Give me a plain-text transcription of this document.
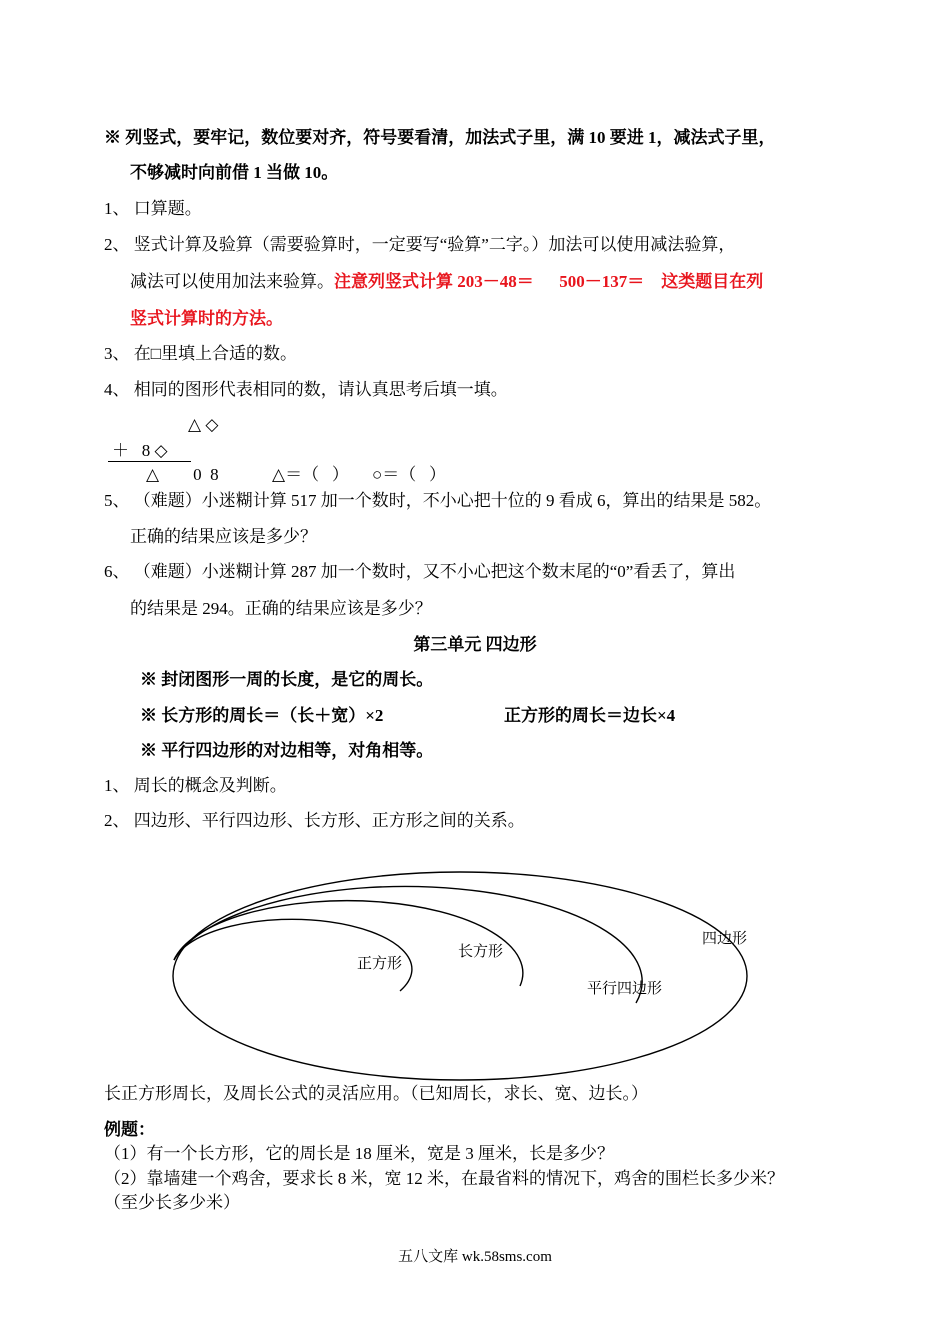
※ 列竖式，要牢记，数位要对齐，符号要看清，加法式子里，满 10 要进 1，减法式子里，
不够减时向前借 1 当做 10。
1、 口算题。
2、 竖式计算及验算（需要验算时，一定要写“验算”二字。）加法可以使用减法验算，
减法可以使用加法来验算。注意列竖式计算 203－48＝      500－137＝    这类题目在列
竖式计算时的方法。
3、 在□里填上合适的数。
4、 相同的图形代表相同的数，请认真思考后填一填。
△ ◇
＋   8 ◇
△        0  8	△＝（   ） ○＝（   ）
5、 （难题）小迷糊计算 517 加一个数时，不小心把十位的 9 看成 6，算出的结果是 582。
正确的结果应该是多少？
6、 （难题）小迷糊计算 287 加一个数时，又不小心把这个数末尾的“0”看丢了，算出
的结果是 294。正确的结果应该是多少？
第三单元 四边形
※ 封闭图形一周的长度，是它的周长。
※ 长方形的周长＝（长＋宽）×2	正方形的周长＝边长×4
※ 平行四边形的对边相等，对角相等。
1、 周长的概念及判断。
2、 四边形、平行四边形、长方形、正方形之间的关系。
正方形
长方形
平行四边形
四边形
长正方形周长，及周长公式的灵活应用。（已知周长，求长、宽、边长。）
例题：
（1）有一个长方形，它的周长是 18 厘米，宽是 3 厘米，长是多少？
（2）靠墙建一个鸡舍，要求长 8 米，宽 12 米，在最省料的情况下，鸡舍的围栏长多少米？
（至少长多少米）
五八文库 wk.58sms.com
